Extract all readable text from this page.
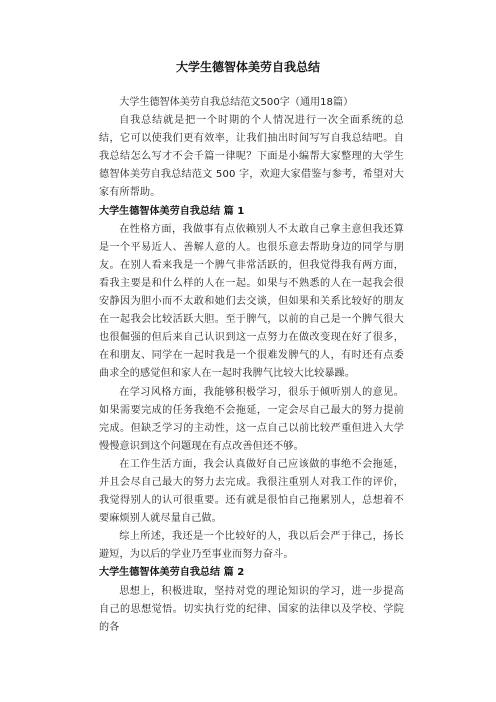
大学生德智体美劳自我总结

大学生德智体美劳自我总结范文500字（通用18篇）

自我总结就是把一个时期的个人情况进行一次全面系统的总结，它可以使我们更有效率，让我们抽出时间写写自我总结吧。自我总结怎么写才不会千篇一律呢？下面是小编帮大家整理的大学生德智体美劳自我总结范文 500 字，欢迎大家借鉴与参考，希望对大家有所帮助。

大学生德智体美劳自我总结 篇 1

在性格方面，我做事有点依赖别人不太敢自己拿主意但我还算是一个平易近人、善解人意的人。也很乐意去帮助身边的同学与朋友。在别人看来我是一个脾气非常活跃的，但我觉得我有两方面，看我主要是和什么样的人在一起。如果与不熟悉的人在一起我会很安静因为胆小而不太敢和她们去交谈，但如果和关系比较好的朋友在一起我会比较活跃大胆。至于脾气，以前的自己是一个脾气很大也很倔强的但后来自己认识到这一点努力在做改变现在好了很多，在和朋友、同学在一起时我是一个很难发脾气的人，有时还有点委曲求全的感觉但和家人在一起时我脾气比较大比较暴躁。

在学习风格方面，我能够积极学习，很乐于倾听别人的意见。如果需要完成的任务我绝不会拖延，一定会尽自己最大的努力提前完成。但缺乏学习的主动性，这一点自己以前比较严重但进入大学慢慢意识到这个问题现在有点改善但还不够。

在工作生活方面，我会认真做好自己应该做的事绝不会拖延，并且会尽自己最大的努力去完成。我很注重别人对我工作的评价，我觉得别人的认可很重要。还有就是很怕自己拖累别人，总想着不要麻烦别人就尽量自己做。

综上所述，我还是一个比较好的人，我以后会严于律己，扬长避短，为以后的学业乃至事业而努力奋斗。

大学生德智体美劳自我总结 篇 2

思想上，积极进取，坚持对党的理论知识的学习，进一步提高自己的思想觉悟。切实执行党的纪律、国家的法律以及学校、学院的各
